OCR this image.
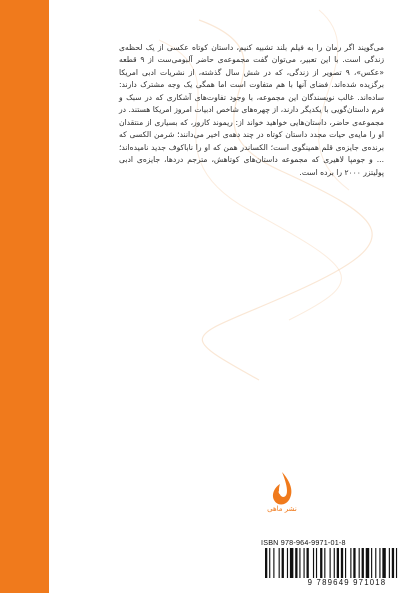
می‌گویند اگر رمان را به فیلم بلند تشبیه کنیم، داستان کوتاه عکسی از یک لحظه‌ی زندگی است. با این تعبیر، می‌توان گفت مجموعه‌ی حاضر آلبومی‌ست از ۹ قطعه «عکس»، ۹ تصویر از زندگی، که در شش سال گذشته، از نشریات ادبی امریکا برگزیده شده‌اند. فضای آنها با هم متفاوت است اما همگی یک وجه مشترک دارند: ساده‌اند. غالب نویسندگان این مجموعه، با وجود تفاوت‌های آشکاری که در سبک و فرم داستان‌گویی با یکدیگر دارند، از چهره‌های شاخص ادبیات امروز امریکا هستند. در مجموعه‌ی حاضر، داستان‌هایی خواهید خواند از: ریموند کارور، که بسیاری از منتقدان او را مایه‌ی حیات مجدد داستان کوتاه در چند دهه‌ی اخیر می‌دانند؛ شرمن الکسی که برنده‌ی جایزه‌ی قلم همینگوی است؛ الکساندر همن که او را ناباکوف جدید نامیده‌اند؛ ... و جومپا لاهیری که مجموعه داستان‌های کوتاهش، مترجم دردها، جایزه‌ی ادبی پولیتزر ۲۰۰۰ را برده است.

نشر ماهی
ISBN 978-964-9971-01-8
9 789649 971018
